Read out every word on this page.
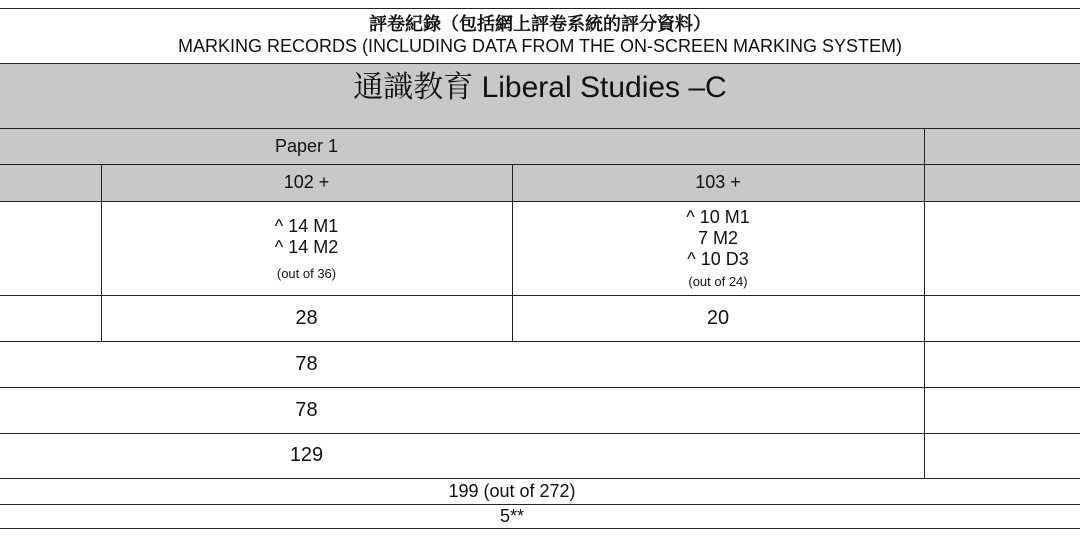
評卷紀錄（包括網上評卷系統的評分資料）
MARKING RECORDS (INCLUDING DATA FROM THE ON-SCREEN MARKING SYSTEM)
通識教育 Liberal Studies –C
Paper 1
102 +	103 +
^ 14 M1
^ 14 M2
(out of 36)
^ 10 M1
7 M2
^ 10 D3
(out of 24)
28	20
78
78
129
199 (out of 272)
5**
